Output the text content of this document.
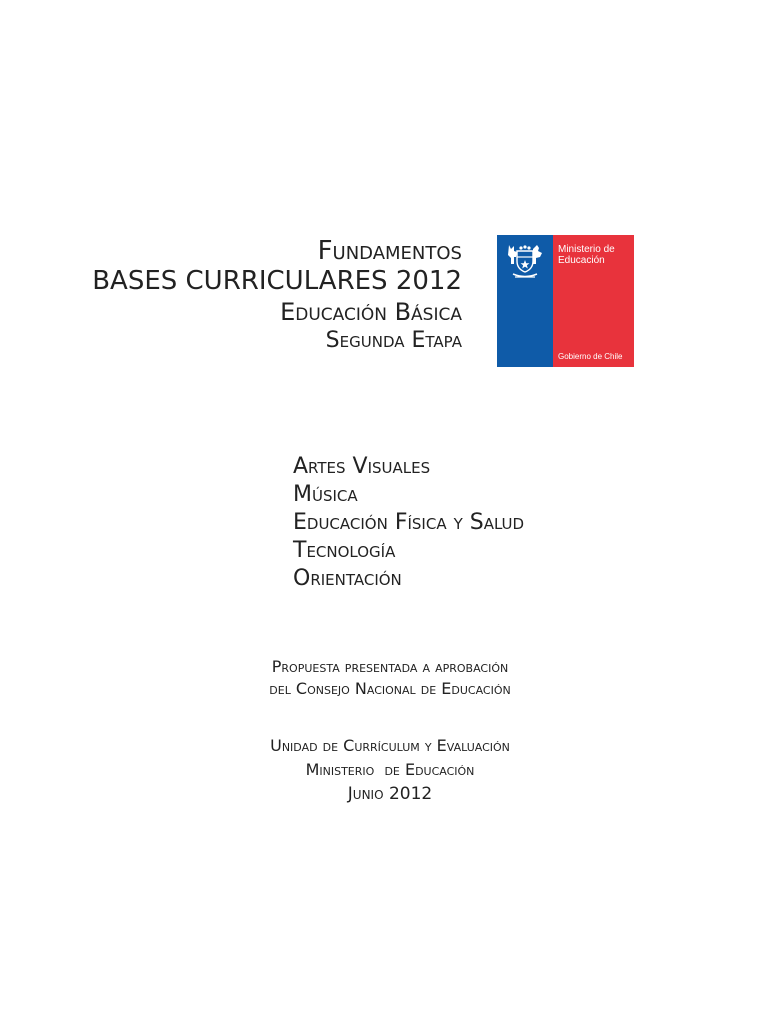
Fundamentos
BASES CURRICULARES 2012
Educación Básica
Segunda Etapa
Ministerio de
Educación
Gobierno de Chile
Artes Visuales
Música
Educación Física y Salud
Tecnología
Orientación
Propuesta presentada a aprobación
del Consejo Nacional de Educación
Unidad de Currículum y Evaluación
Ministerio  de Educación
Junio 2012
